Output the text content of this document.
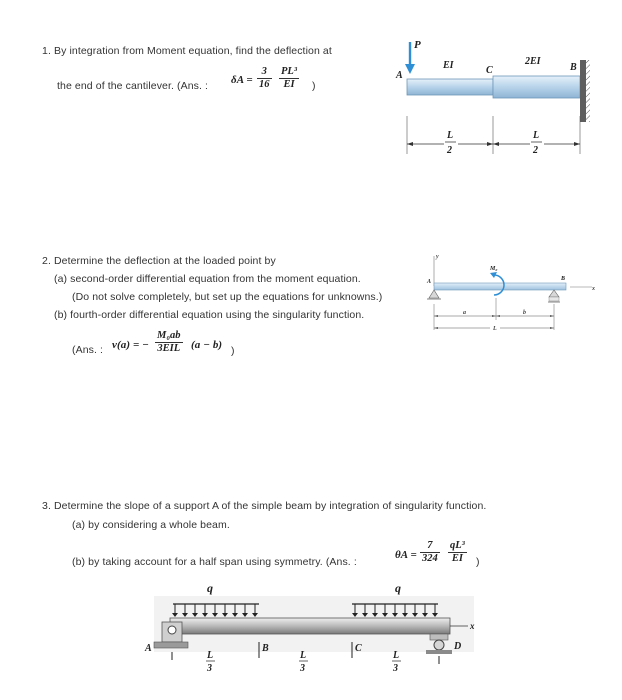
1. By integration from Moment equation, find the deflection at
the end of the cantilever. (Ans. : $\delta A = \frac{3}{16} \frac{\text{PL³}}{EI}$ )
P
A
EI	C
2EI
B
L
2
L
2
2. Determine the deflection at the loaded point by
(a) second-order differential equation from the moment equation.
(Do not solve completely, but set up the equations for unknowns.)
(b) fourth-order differential equation using the singularity function.
(Ans. : v(a) = −
M₀ab
3EIL (a − b) )
y
x
A	B
M₀
a	b
L
3. Determine the slope of a support A of the simple beam by integration of singularity function.
(a) by considering a whole beam.
(b) by taking account for a half span using symmetry. (Ans. :
$\theta A = \frac{7}{324} \frac{\text{qL³}}{EI}$ )
q	q
x
A	D
B	C
L
3
L
3
L
3
